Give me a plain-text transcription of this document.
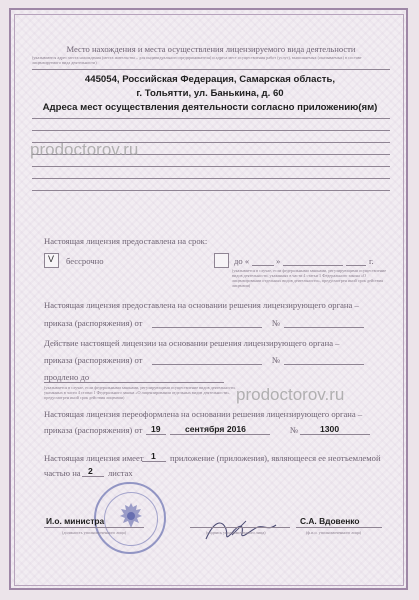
Место нахождения и места осуществления лицензируемого вида деятельности
(указываются адрес места нахождения (места жительства – для индивидуального предпринимателя) и адреса мест осуществления работ (услуг), выполняемых (оказываемых) в составе лицензируемого вида деятельности)
445054, Российская Федерация, Самарская область,
г. Тольятти, ул. Банькина, д. 60
Адреса мест осуществления деятельности согласно приложению(ям)
prodoctorov.ru
Настоящая лицензия предоставлена на срок:
V бессрочно	до «	»	г.
(указывается в случае, если федеральными законами, регулирующими осуществление видов деятельности, указанных в части 4 статьи 1 Федерального закона «О лицензировании отдельных видов деятельности», предусмотрен иной срок действия лицензии)
Настоящая лицензия предоставлена на основании решения лицензирующего органа –
приказа (распоряжения) от	№
Действие настоящей лицензии на основании решения лицензирующего органа –
приказа (распоряжения) от	№
продлено до
(указывается в случае, если федеральными законами, регулирующими осуществление видов деятельности, указанных в части 4 статьи 1 Федерального закона «О лицензировании отдельных видов деятельности», предусмотрен иной срок действия лицензии)	prodoctorov.ru
Настоящая лицензия переоформлена на основании решения лицензирующего органа –
приказа (распоряжения) от 19	сентября 2016	№	1300
Настоящая лицензия имеет 1 приложение (приложения), являющееся ее неотъемлемой
частью на 2 листах
И.о. министра	С.А. Вдовенко
(должность уполномоченного лица)	(подпись уполномоченного лица)	(ф.и.о. уполномоченного лица)
